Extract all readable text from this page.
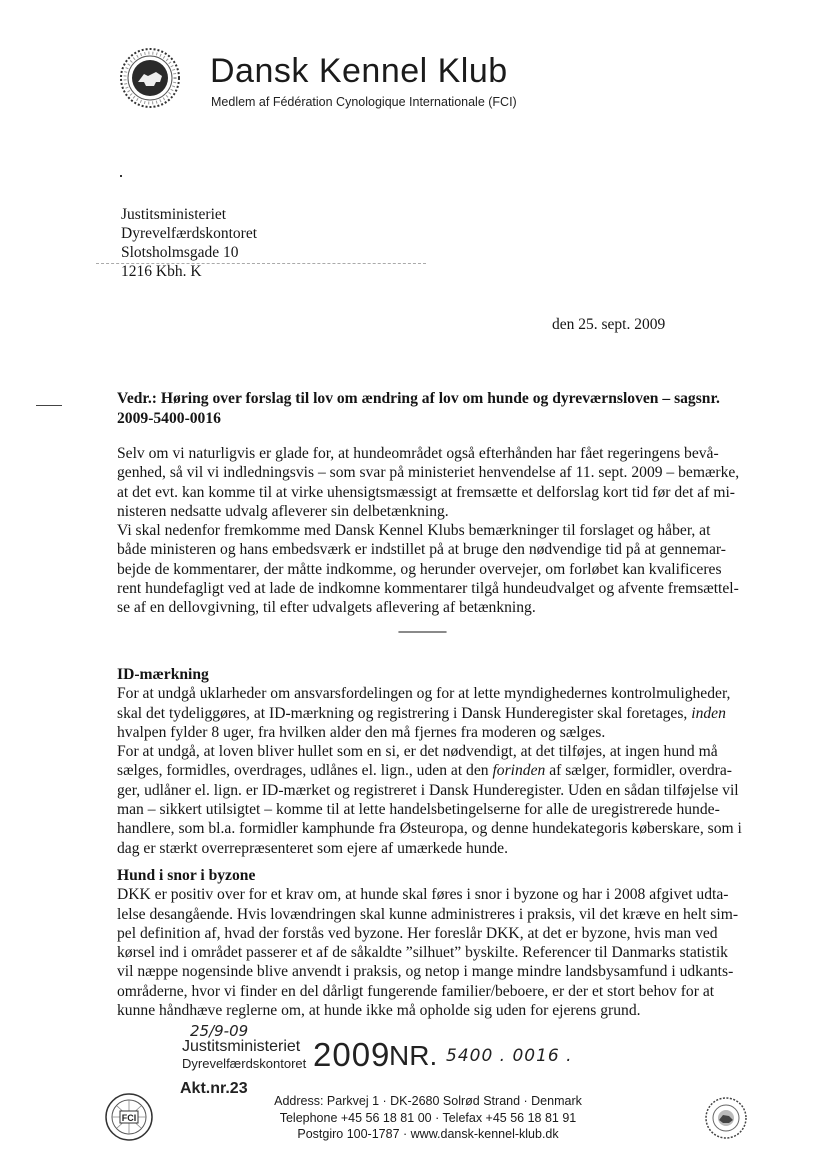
Dansk Kennel Klub
Medlem af Fédération Cynologique Internationale (FCI)
Justitsministeriet
Dyrevelfærdskontoret
Slotsholmsgade 10
1216 Kbh. K
den 25. sept. 2009
Vedr.: Høring over forslag til lov om ændring af lov om hunde og dyreværnsloven – sagsnr.
2009-5400-0016

Selv om vi naturligvis er glade for, at hundeområdet også efterhånden har fået regeringens bevå-

genhed, så vil vi indledningsvis – som svar på ministeriet henvendelse af 11. sept. 2009 – bemærke,

at det evt. kan komme til at virke uhensigtsmæssigt at fremsætte et delforslag kort tid før det af mi-

nisteren nedsatte udvalg afleverer sin delbetænkning.

Vi skal nedenfor fremkomme med Dansk Kennel Klubs bemærkninger til forslaget og håber, at

både ministeren og hans embedsværk er indstillet på at bruge den nødvendige tid på at gennemar-

bejde de kommentarer, der måtte indkomme, og herunder overvejer, om forløbet kan kvalificeres

rent hundefagligt ved at lade de indkomne kommentarer tilgå hundeudvalget og afvente fremsættel-

se af en dellovgivning, til efter udvalgets aflevering af betænkning.

----------------

ID-mærkning

For at undgå uklarheder om ansvarsfordelingen og for at lette myndighedernes kontrolmuligheder,

skal det tydeliggøres, at ID-mærkning og registrering i Dansk Hunderegister skal foretages, inden

hvalpen fylder 8 uger, fra hvilken alder den må fjernes fra moderen og sælges.

For at undgå, at loven bliver hullet som en si, er det nødvendigt, at det tilføjes, at ingen hund må

sælges, formidles, overdrages, udlånes el. lign., uden at den forinden af sælger, formidler, overdra-

ger, udlåner el. lign. er ID-mærket og registreret i Dansk Hunderegister. Uden en sådan tilføjelse vil

man – sikkert utilsigtet – komme til at lette handelsbetingelserne for alle de uregistrerede hunde-

handlere, som bl.a. formidler kamphunde fra Østeuropa, og denne hundekategoris køberskare, som i

dag er stærkt overrepræsenteret som ejere af umærkede hunde.

Hund i snor i byzone

DKK er positiv over for et krav om, at hunde skal føres i snor i byzone og har i 2008 afgivet udta-

lelse desangående. Hvis lovændringen skal kunne administreres i praksis, vil det kræve en helt sim-

pel definition af, hvad der forstås ved byzone. Her foreslår DKK, at det er byzone, hvis man ved

kørsel ind i området passerer et af de såkaldte ”silhuet” byskilte. Referencer til Danmarks statistik

vil næppe nogensinde blive anvendt i praksis, og netop i mange mindre landsbysamfund i udkants-

områderne, hvor vi finder en del dårligt fungerende familier/beboere, er der et stort behov for at

kunne håndhæve reglerne om, at hunde ikke må opholde sig uden for ejerens grund.

25/9-09
Justitsministeriet
Dyrevelfærdskontoret 2009
NR. 5400 . 0016 .
Akt.nr.23
FCI
Address: Parkvej 1 · DK-2680 Solrød Strand · Denmark
Telephone +45 56 18 81 00 · Telefax +45 56 18 81 91
Postgiro 100-1787 · www.dansk-kennel-klub.dk
